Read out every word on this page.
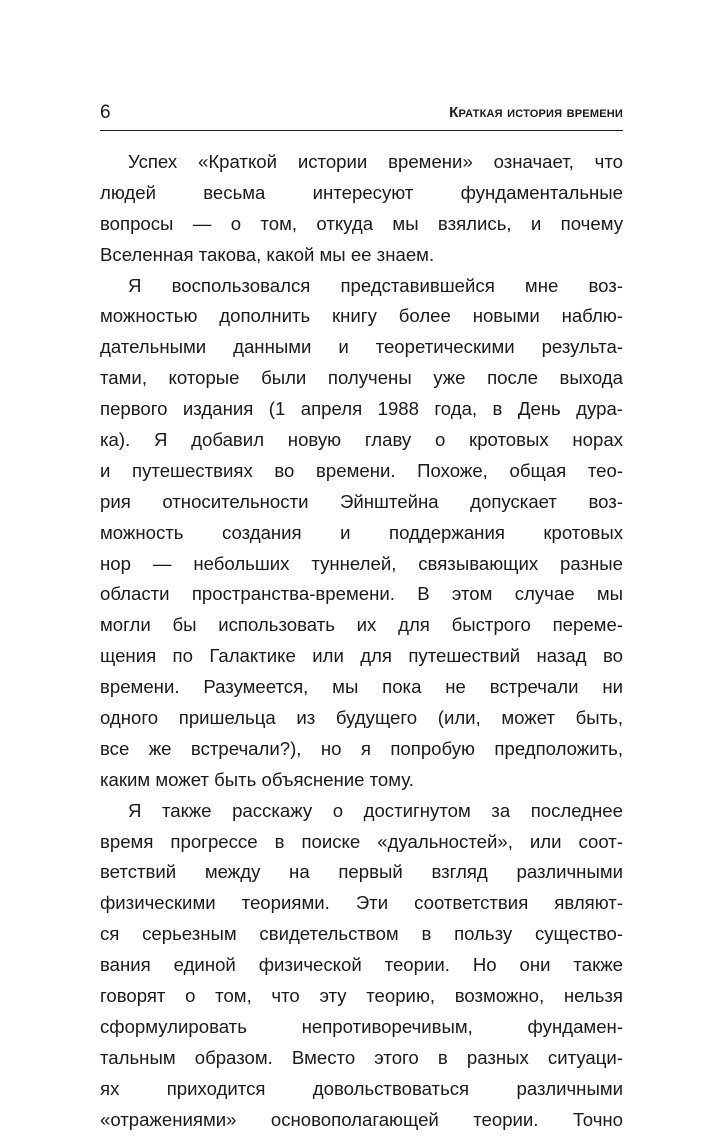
6	Краткая история времени
Успех «Краткой истории времени» означает, что
людей весьма интересуют фундаментальные
вопросы — о том, откуда мы взялись, и почему
Вселенная такова, какой мы ее знаем.
Я воспользовался представившейся мне воз-
можностью дополнить книгу более новыми наблю-
дательными данными и теоретическими результа-
тами, которые были получены уже после выхода
первого издания (1 апреля 1988 года, в День дура-
ка). Я добавил новую главу о кротовых норах
и путешествиях во времени. Похоже, общая тео-
рия относительности Эйнштейна допускает воз-
можность создания и поддержания кротовых
нор — небольших туннелей, связывающих разные
области пространства-времени. В этом случае мы
могли бы использовать их для быстрого переме-
щения по Галактике или для путешествий назад во
времени. Разумеется, мы пока не встречали ни
одного пришельца из будущего (или, может быть,
все же встречали?), но я попробую предположить,
каким может быть объяснение тому.
Я также расскажу о достигнутом за последнее
время прогрессе в поиске «дуальностей», или соот-
ветствий между на первый взгляд различными
физическими теориями. Эти соответствия являют-
ся серьезным свидетельством в пользу существо-
вания единой физической теории. Но они также
говорят о том, что эту теорию, возможно, нельзя
сформулировать непротиворечивым, фундамен-
тальным образом. Вместо этого в разных ситуаци-
ях приходится довольствоваться различными
«отражениями» основополагающей теории. Точно
